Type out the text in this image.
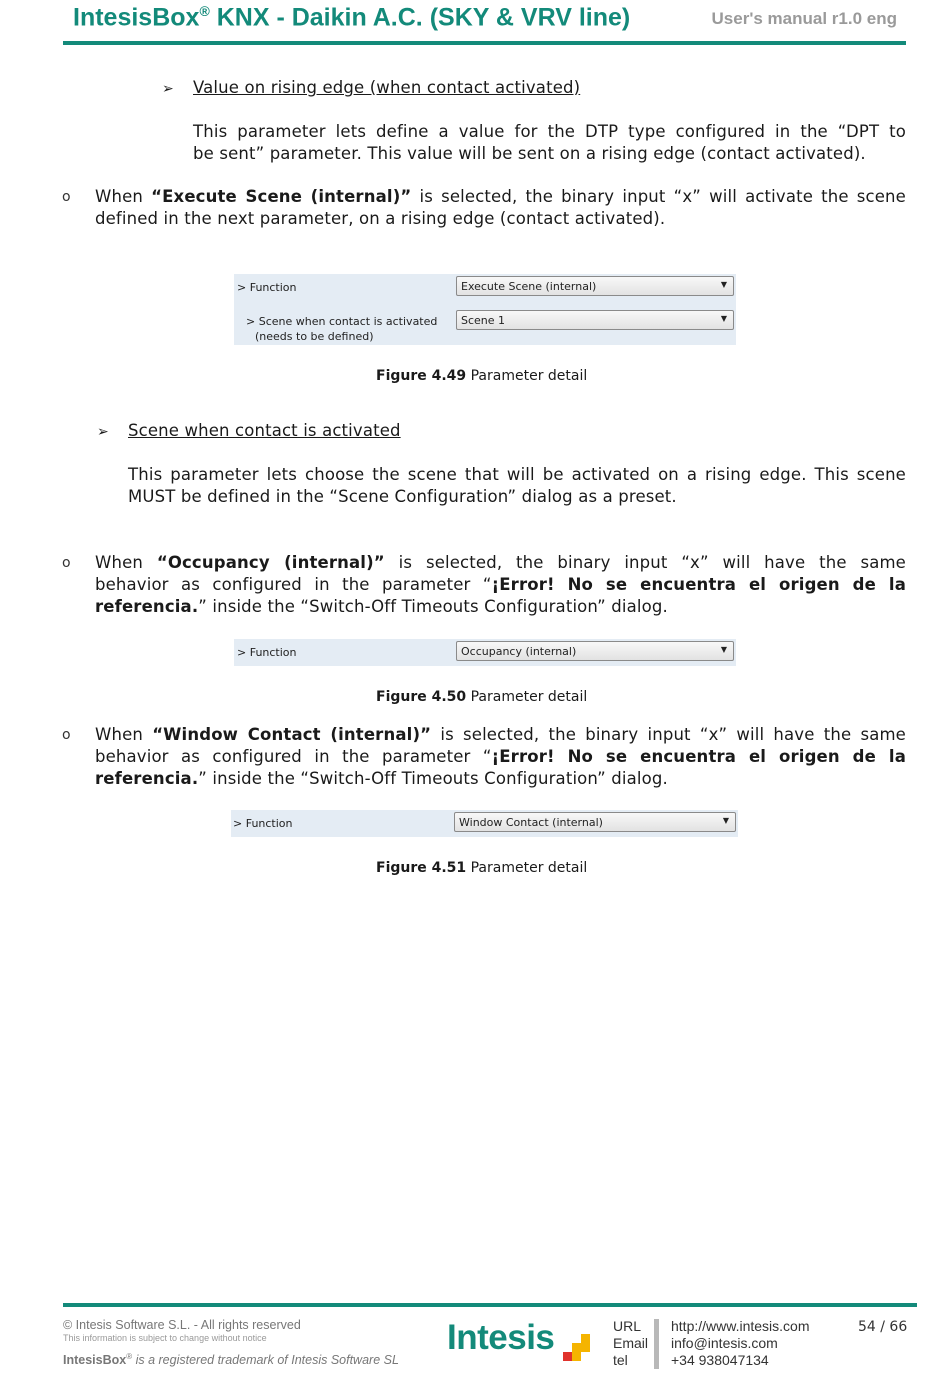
IntesisBox® KNX - Daikin A.C. (SKY & VRV line)	User's manual r1.0 eng
➢ Value on rising edge (when contact activated)
This parameter lets define a value for the DTP type configured in the “DPT to
be sent” parameter. This value will be sent on a rising edge (contact activated).
o When “Execute Scene (internal)” is selected, the binary input “x” will activate the scene
defined in the next parameter, on a rising edge (contact activated).
> Function	Execute Scene (internal)	▼
> Scene when contact is activated
(needs to be defined)
Scene 1	▼
Figure 4.49 Parameter detail
➢ Scene when contact is activated
This parameter lets choose the scene that will be activated on a rising edge. This scene
MUST be defined in the “Scene Configuration” dialog as a preset.
o When “Occupancy (internal)” is selected, the binary input “x” will have the same
behavior as configured in the parameter “¡Error! No se encuentra el origen de la
referencia.” inside the “Switch-Off Timeouts Configuration” dialog.
> Function	Occupancy (internal)	▼
Figure 4.50 Parameter detail
o When “Window Contact (internal)” is selected, the binary input “x” will have the same
behavior as configured in the parameter “¡Error! No se encuentra el origen de la
referencia.” inside the “Switch-Off Timeouts Configuration” dialog.
> Function	Window Contact (internal)	▼
Figure 4.51 Parameter detail
© Intesis Software S.L. - All rights reserved
This information is subject to change without notice
IntesisBox® is a registered trademark of Intesis Software SL
Intesis	URL
Email
tel
http://www.intesis.com
info@intesis.com
+34 938047134
54 / 66
